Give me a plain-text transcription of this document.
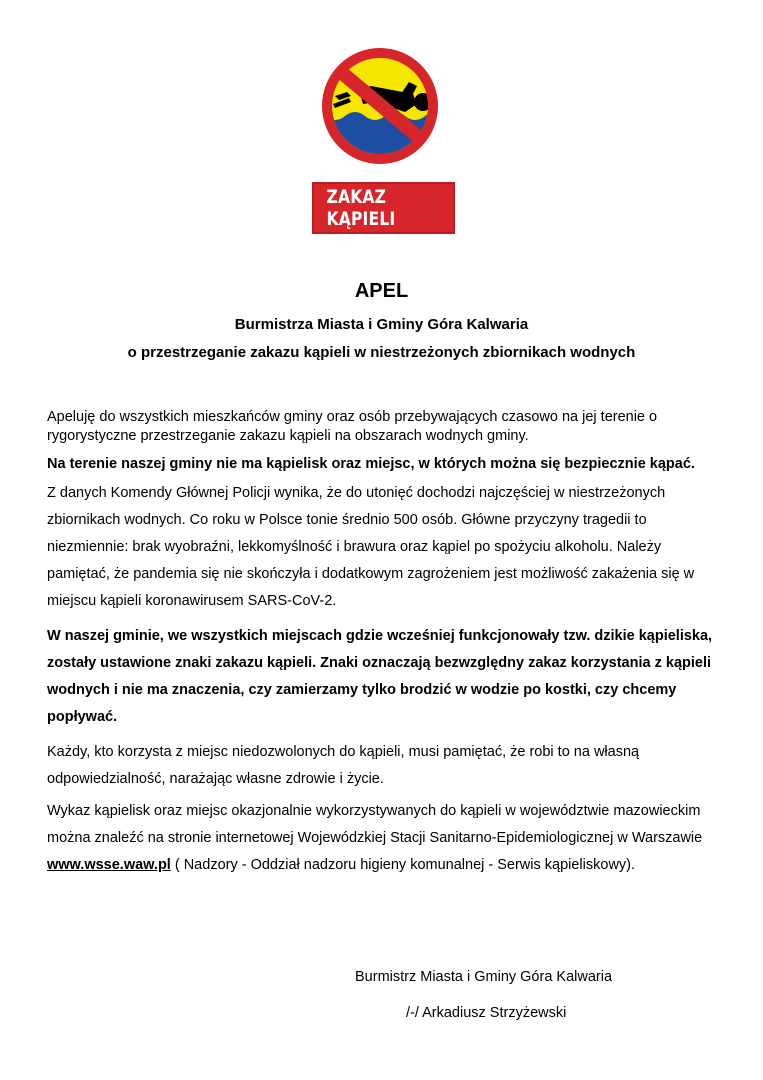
ZAKAZ KĄPIELI
APEL
Burmistrza Miasta i Gminy Góra Kalwaria
o przestrzeganie zakazu kąpieli w niestrzeżonych zbiornikach wodnych

Apeluję do wszystkich mieszkańców gminy oraz osób przebywających czasowo na jej terenie o rygorystyczne przestrzeganie zakazu kąpieli na obszarach wodnych gminy.

Na terenie naszej gminy nie ma kąpielisk oraz miejsc, w których można się bezpiecznie kąpać.

Z danych Komendy Głównej Policji wynika, że do utonięć dochodzi najczęściej w niestrzeżonych zbiornikach wodnych. Co roku w Polsce tonie średnio 500 osób. Główne przyczyny tragedii to niezmiennie: brak wyobraźni, lekkomyślność i brawura oraz kąpiel po spożyciu alkoholu. Należy pamiętać, że pandemia się nie skończyła i dodatkowym zagrożeniem jest możliwość zakażenia się w miejscu kąpieli koronawirusem SARS-CoV-2.

W naszej gminie, we wszystkich miejscach gdzie wcześniej funkcjonowały tzw. dzikie kąpieliska, zostały ustawione znaki zakazu kąpieli. Znaki oznaczają bezwzględny zakaz korzystania z kąpieli wodnych i nie ma znaczenia, czy zamierzamy tylko brodzić w wodzie po kostki, czy chcemy popływać.

Każdy, kto korzysta z miejsc niedozwolonych do kąpieli, musi pamiętać, że robi to na własną odpowiedzialność, narażając własne zdrowie i życie.

Wykaz kąpielisk oraz miejsc okazjonalnie wykorzystywanych do kąpieli w województwie mazowieckim można znaleźć na stronie internetowej Wojewódzkiej Stacji Sanitarno-Epidemiologicznej w Warszawie www.wsse.waw.pl ( Nadzory - Oddział nadzoru higieny komunalnej - Serwis kąpieliskowy).

Burmistrz Miasta i Gminy Góra Kalwaria
/-/ Arkadiusz Strzyżewski
